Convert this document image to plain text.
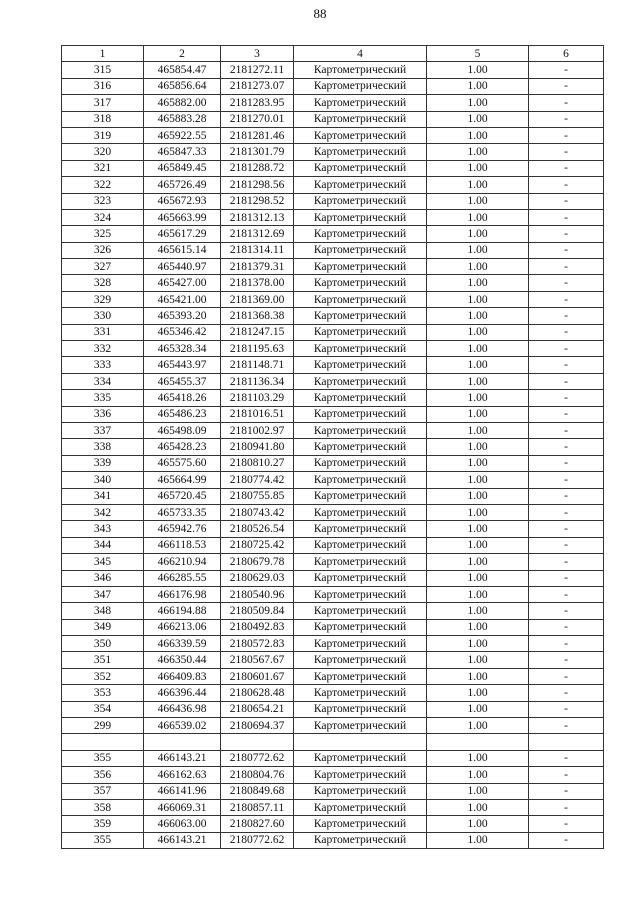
88
1	2	3	4	5	6
315	465854.47	2181272.11	Картометрический	1.00	-
316	465856.64	2181273.07	Картометрический	1.00	-
317	465882.00	2181283.95	Картометрический	1.00	-
318	465883.28	2181270.01	Картометрический	1.00	-
319	465922.55	2181281.46	Картометрический	1.00	-
320	465847.33	2181301.79	Картометрический	1.00	-
321	465849.45	2181288.72	Картометрический	1.00	-
322	465726.49	2181298.56	Картометрический	1.00	-
323	465672.93	2181298.52	Картометрический	1.00	-
324	465663.99	2181312.13	Картометрический	1.00	-
325	465617.29	2181312.69	Картометрический	1.00	-
326	465615.14	2181314.11	Картометрический	1.00	-
327	465440.97	2181379.31	Картометрический	1.00	-
328	465427.00	2181378.00	Картометрический	1.00	-
329	465421.00	2181369.00	Картометрический	1.00	-
330	465393.20	2181368.38	Картометрический	1.00	-
331	465346.42	2181247.15	Картометрический	1.00	-
332	465328.34	2181195.63	Картометрический	1.00	-
333	465443.97	2181148.71	Картометрический	1.00	-
334	465455.37	2181136.34	Картометрический	1.00	-
335	465418.26	2181103.29	Картометрический	1.00	-
336	465486.23	2181016.51	Картометрический	1.00	-
337	465498.09	2181002.97	Картометрический	1.00	-
338	465428.23	2180941.80	Картометрический	1.00	-
339	465575.60	2180810.27	Картометрический	1.00	-
340	465664.99	2180774.42	Картометрический	1.00	-
341	465720.45	2180755.85	Картометрический	1.00	-
342	465733.35	2180743.42	Картометрический	1.00	-
343	465942.76	2180526.54	Картометрический	1.00	-
344	466118.53	2180725.42	Картометрический	1.00	-
345	466210.94	2180679.78	Картометрический	1.00	-
346	466285.55	2180629.03	Картометрический	1.00	-
347	466176.98	2180540.96	Картометрический	1.00	-
348	466194.88	2180509.84	Картометрический	1.00	-
349	466213.06	2180492.83	Картометрический	1.00	-
350	466339.59	2180572.83	Картометрический	1.00	-
351	466350.44	2180567.67	Картометрический	1.00	-
352	466409.83	2180601.67	Картометрический	1.00	-
353	466396.44	2180628.48	Картометрический	1.00	-
354	466436.98	2180654.21	Картометрический	1.00	-
299	466539.02	2180694.37	Картометрический	1.00	-

355	466143.21	2180772.62	Картометрический	1.00	-
356	466162.63	2180804.76	Картометрический	1.00	-
357	466141.96	2180849.68	Картометрический	1.00	-
358	466069.31	2180857.11	Картометрический	1.00	-
359	466063.00	2180827.60	Картометрический	1.00	-
355	466143.21	2180772.62	Картометрический	1.00	-
